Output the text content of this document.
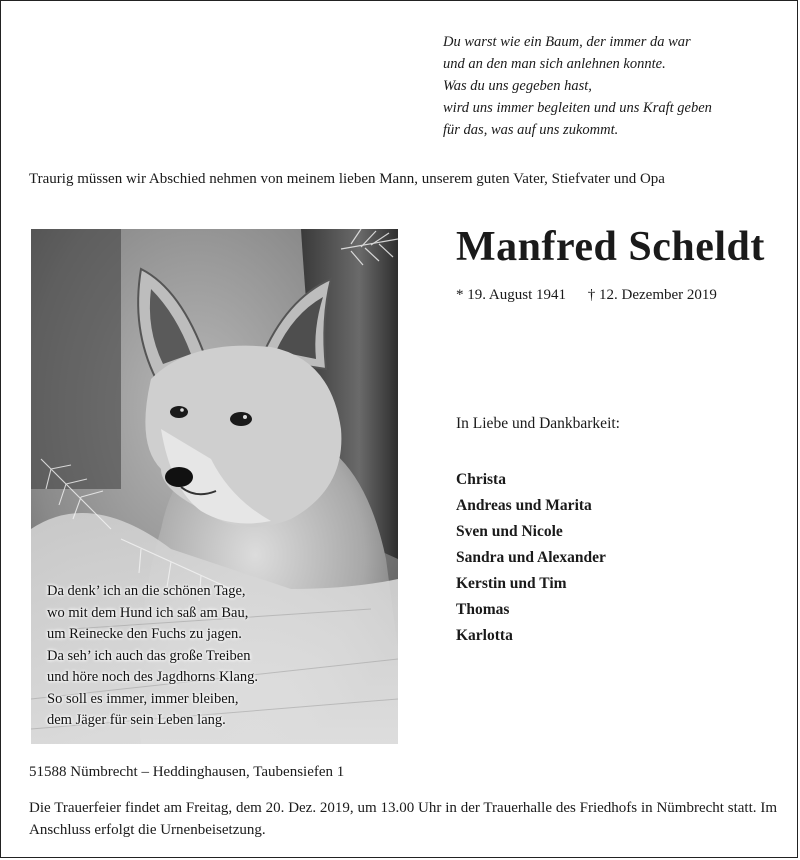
Du warst wie ein Baum, der immer da war
und an den man sich anlehnen konnte.
Was du uns gegeben hast,
wird uns immer begleiten und uns Kraft geben
für das, was auf uns zukommt.
Traurig müssen wir Abschied nehmen von meinem lieben Mann, unserem guten Vater, Stiefvater und Opa
Da denk’ ich an die schönen Tage,
wo mit dem Hund ich saß am Bau,
um Reinecke den Fuchs zu jagen.
Da seh’ ich auch das große Treiben
und höre noch des Jagdhorns Klang.
So soll es immer, immer bleiben,
dem Jäger für sein Leben lang.
Manfred Scheldt
* 19. August 1941 † 12. Dezember 2019
In Liebe und Dankbarkeit:
Christa
Andreas und Marita
Sven und Nicole
Sandra und Alexander
Kerstin und Tim
Thomas
Karlotta
51588 Nümbrecht – Heddinghausen, Taubensiefen 1
Die Trauerfeier findet am Freitag, dem 20. Dez. 2019, um 13.00 Uhr in der Trauerhalle des Friedhofs in Nümbrecht statt. Im Anschluss erfolgt die Urnenbeisetzung.
